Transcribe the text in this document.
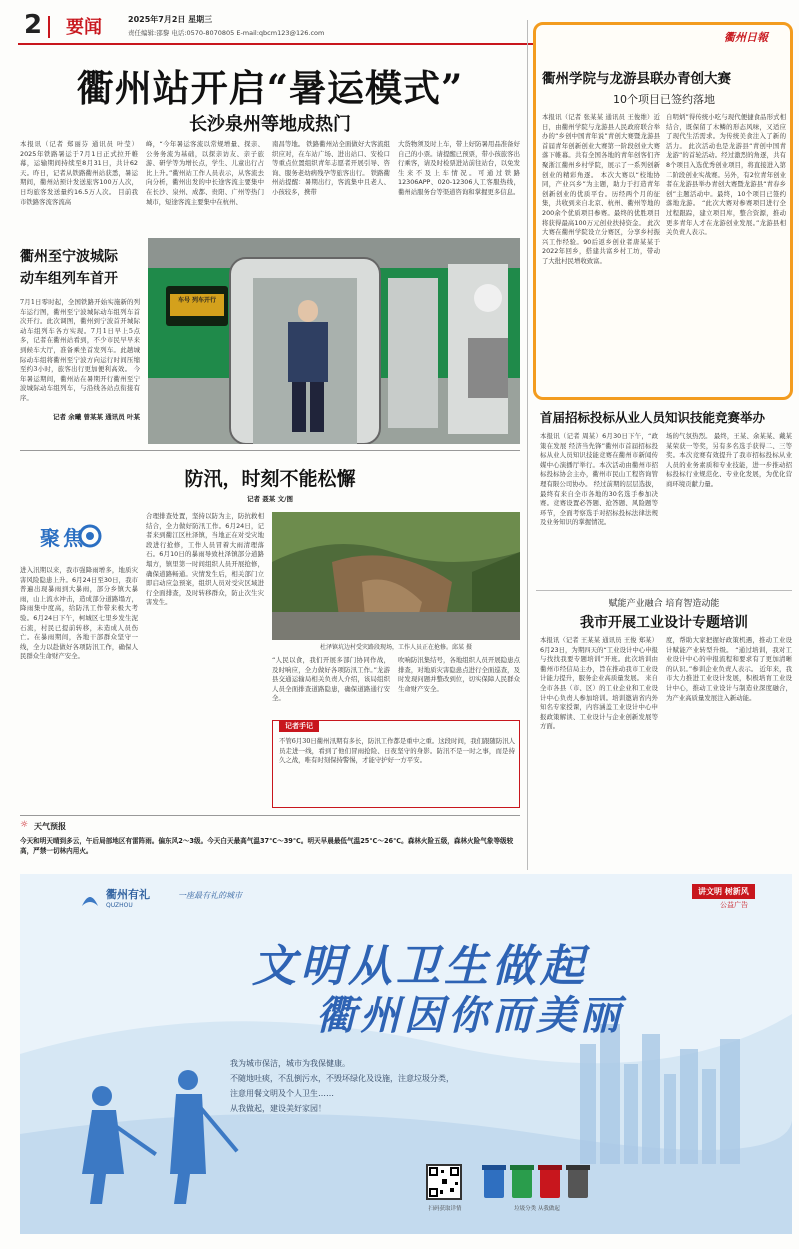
2 要闻	2025年7月2日 星期三
责任编辑:邵黎 电话:0570-8070805 E-mail:qbcm123@126.com
衢州站开启“暑运模式”
长沙泉州等地成热门
本报讯（记者 郑丽芬 通讯员 叶莹）2025年铁路暑运于7月1日正式拉开帷幕，运输期间持续至8月31日，共计62天。昨日，记者从铁路衢州站获悉，暑运期间，衢州站预计发送旅客100万人次，日均旅客发送量约16.5万人次。 目前我市铁路客流客流高
峰，“今年暑运客流以常规增量、探亲、公务务流为基础，以探亲访友、亲子旅游、研学等为增长点，学生、儿童出行占比上升。”衢州站工作人员表示，从客流去向分析，衢州出发的中长途客流主要集中在长沙、泉州、成都、贵阳、广州等热门城市，短途客流主要集中在杭州、
南昌等地。 铁路衢州站全面做好大客流组织应对，在车站广场、进出站口、安检口等重点位置组织青年志愿者开展引导、咨询、服务老幼病残孕等旅客出行。 铁路衢州站提醒：暑期出行，客流集中且老人、小孩较多，携带
大货物须及时上车，带上好防暑用品准备好自己的小票。请提醒已预票，带小孩旅客出行乘客，请及时检票进站前往站台，以免发生来不及上车情况。可通过铁路12306APP、020-12306人工客服热线，衢州站服务台等渠道咨询和掌握更多信息。
衢州至宁波城际
动车组列车首开
7月1日零时起，全国铁路开始实施新的列车运行图，衢州至宁波城际动车组列车首次开行。此次调图，衢州到宁波首开城际动车组列车各方实现。7月1日早上5点多，记者在衢州站看到，不少市民早早来到候车大厅，准备乘坐首发列车。此趟城际动车组将衢州至宁波方向运行时间压缩至约3小时，旅客出行更加便利高效。 今年暑运期间，衢州站在暑期开行衢州至宁波城际动车组列车，与沿线各站点衔接有序。
记者 余曦 曾某某 通讯员 叶某
车号 列车开行
防汛，时刻不能松懈
记者 聂某 文/图
聚焦
进入汛期以来，我市强降雨增多，地质灾害风险隐患上升。6月24日至30日，我市普遍出现暴雨到大暴雨，部分乡镇大暴雨，山上流水冲击，造成部分道路塌方，降雨集中度高，给防汛工作带来极大考验。6月24日下午，柯城区七里乡发生泥石流，村民已提前转移，未造成人员伤亡。在暴雨期间，各地干部群众坚守一线，全力以赴做好各项防汛工作，确保人民群众生命财产安全。
合理排查处置，坚持以防为主，防抗救相结合，全力做好防汛工作。6月24日，记者来到衢江区杜泽镇，当地正在对受灾地段进行抢修，工作人员冒着大雨清理落石。6月10日的暴雨导致杜泽镇部分道路塌方，镇里第一时间组织人员开展抢修，确保道路畅通。灾情发生后，相关部门立即启动应急预案，组织人员对受灾区域进行全面排查，及时转移群众，防止次生灾害发生。
杜泽镇坑边村受灾路段现场，工作人员正在抢修。邱某 摄
“人民以食，我们开展多部门协同作战，及时响应，全力做好各项防汛工作。”龙游县交通运输局相关负责人介绍，该局组织人员全面排查道路隐患，确保道路通行安全。
吹响防汛集结号，各地组织人员开展隐患点排查，对地质灾害隐患点进行全面巡查，及时发现问题并整改到位，切实保障人民群众生命财产安全。
记者手记
不管6月30日衢州汛期有多长，防汛工作都是重中之重。这段时间，我们跟随防汛人员走进一线，看到了他们冒雨抢险、日夜坚守的身影。防汛不是一时之事，而是持久之战，唯有时刻保持警惕，才能守护好一方平安。
☼ 天气预报
今天和明天晴到多云，午后局部地区有雷阵雨。偏东风2～3级。今天白天最高气温37℃～39℃。明天早晨最低气温25℃～26℃。森林火险五级，森林火险气象等级较高，严禁一切林内用火。
衢州日報
衢州学院与龙游县联办青创大赛
10个项目已签约落地
本报讯（记者 张某某 通讯员 王俊维）近日，由衢州学院与龙游县人民政府联合举办的“乡创中国青年说”青创大赛暨龙游县首届青年创新创业大赛第一阶段创业大赛落下帷幕。共有全国各地的青年创客们齐聚浙江衢州乡村学院，展示了一系列创新创业的精彩角逐。 本次大赛以“校地协同，产业兴乡”为主题，助力于打造青年创新创业的优质平台。历经两个月的征集，共收到来自北京、杭州、衢州等地的200余个优质项目参赛。最终的优胜项目将获得最高100万元创业扶持资金。 此次大赛在衢州学院设立分赛区，分享乡村振兴工作经验。90后返乡创业者唐某某于2022年回乡，搭建共富乡村工坊，带动了大批村民增收致富。
自明炳”得传统小吃与现代便捷食品形式相结合，既保留了木鳞的形态风味，又适应了现代生活需求。为传统美食注入了新的活力。 此次活动也是龙游县“青创中国青龙游”的首轮活动。经过激烈的角逐，共有8个项目入选优秀创业项目，将直接进入第二阶段创业实战赛。另外，有2位青年创业者在龙游县举办青创大赛暨龙游县“青春乡创”主题活动中。最终，10个项目已签约落地龙游。 “此次大赛对参赛项目进行全过程跟踪，建立项目库，整合资源，推动更多青年人才在龙游创业发展。”龙游县相关负责人表示。
首届招标投标从业人员知识技能竞赛举办
本报讯（记者 周某）6月30日下午，“政策在发展 经济当先锋”衢州市首届招标投标从业人员知识技能竞赛在衢州市新闻传媒中心演播厅举行。本次活动由衢州市招标投标协会主办，衢州市民山工程咨询管理有限公司协办。 经过前期的层层选拔，最终有来自全市各地的30名选手参加决赛。竞赛设置必答题、抢答题、风险题等环节，全面考察选手对招标投标法律法规及业务知识的掌握情况。
场的气氛热烈。 最终，王某、余某某、戴某某荣获一等奖，另有多名选手获得二、三等奖。本次竞赛有效提升了我市招标投标从业人员的业务素质和专业技能，进一步推动招标投标行业规范化、专业化发展，为优化营商环境贡献力量。
赋能产业融合 培育智造动能
我市开展工业设计专题培训
本报讯（记者 王某某 通讯员 王俊 郑某）6月23日，为期四天的“工业设计中心申报与找找我要专题培训”开班。此次培训由衢州市经信局主办，旨在推动我市工业设计能力提升，服务企业高质量发展。 来自全市各县（市、区）的工业企业和工业设计中心负责人参加培训。培训邀请省内外知名专家授课，内容涵盖工业设计中心申报政策解读、工业设计与企业创新发展等方面。
度，帮助大家把握好政策机遇，推动工业设计赋能产业转型升级。 “通过培训，我对工业设计中心的申报流程和要求有了更加清晰的认识。”参训企业负责人表示。 近年来，我市大力推进工业设计发展，积极培育工业设计中心，推动工业设计与制造业深度融合，为产业高质量发展注入新动能。
衢州有礼
QUZHOU
一座最有礼的城市	讲文明 树新风
公益广告
文明从卫生做起
衢州因你而美丽
我为城市保洁，城市为我保健康。
不随地吐痰，不乱倒污水，不毁坏绿化及设施，注意垃圾分类，
注意用餐文明及个人卫生……
从我做起，建设美好家园！
扫码获取详情	垃圾分类 从我做起
